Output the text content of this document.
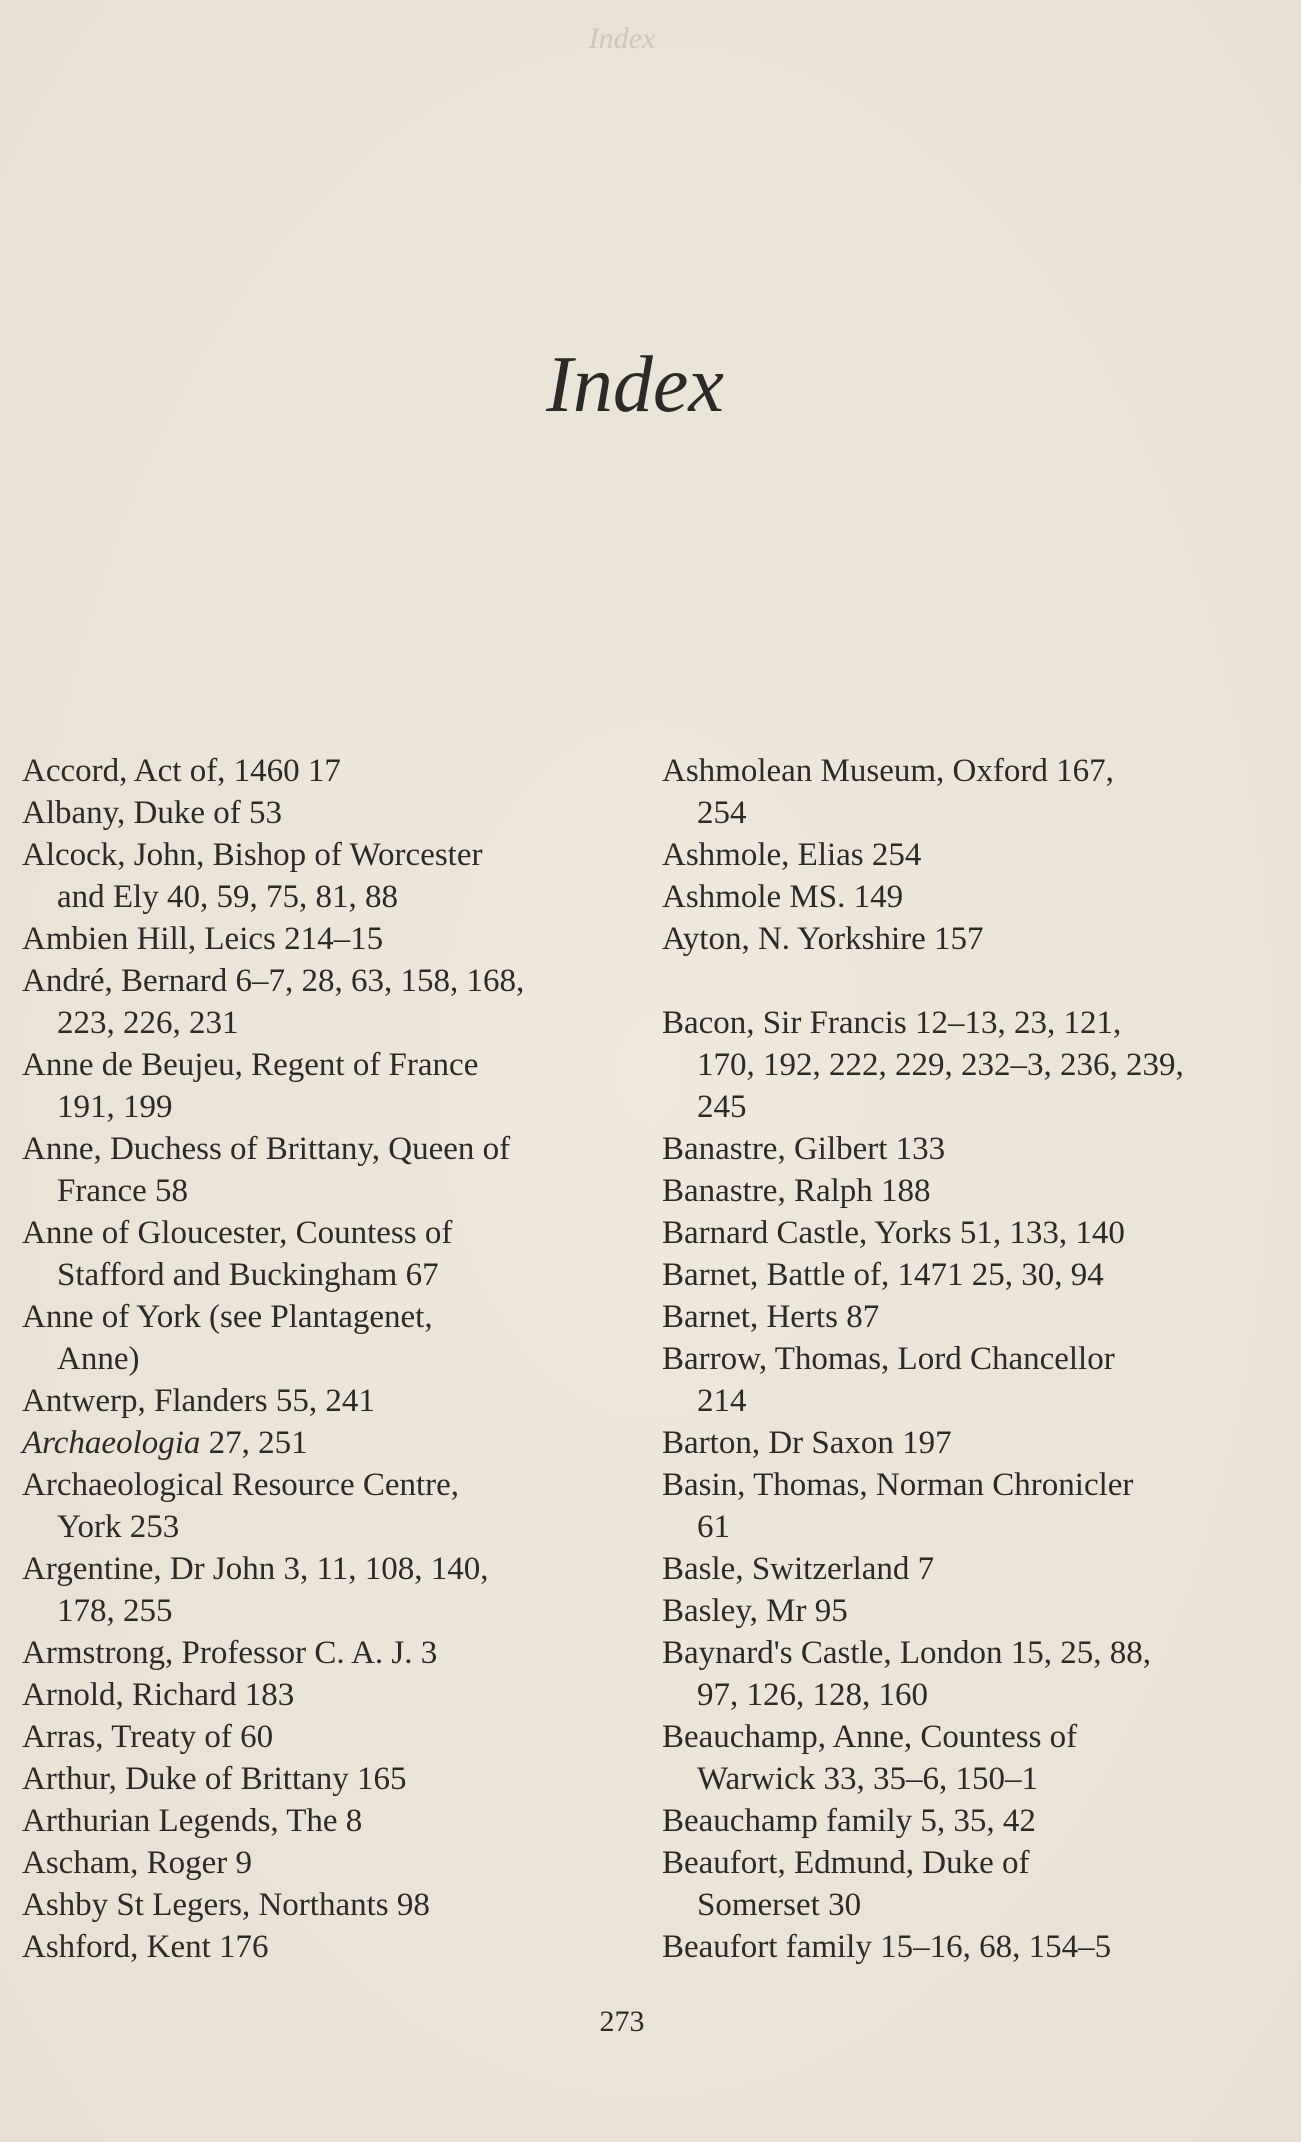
Index
Index
Accord, Act of, 1460 17
Albany, Duke of 53
Alcock, John, Bishop of Worcester
and Ely 40, 59, 75, 81, 88
Ambien Hill, Leics 214–15
André, Bernard 6–7, 28, 63, 158, 168,
223, 226, 231
Anne de Beujeu, Regent of France
191, 199
Anne, Duchess of Brittany, Queen of
France 58
Anne of Gloucester, Countess of
Stafford and Buckingham 67
Anne of York (see Plantagenet,
Anne)
Antwerp, Flanders 55, 241
Archaeologia 27, 251
Archaeological Resource Centre,
York 253
Argentine, Dr John 3, 11, 108, 140,
178, 255
Armstrong, Professor C. A. J. 3
Arnold, Richard 183
Arras, Treaty of 60
Arthur, Duke of Brittany 165
Arthurian Legends, The 8
Ascham, Roger 9
Ashby St Legers, Northants 98
Ashford, Kent 176
Ashmolean Museum, Oxford 167,
254
Ashmole, Elias 254
Ashmole MS. 149
Ayton, N. Yorkshire 157
Bacon, Sir Francis 12–13, 23, 121,
170, 192, 222, 229, 232–3, 236, 239,
245
Banastre, Gilbert 133
Banastre, Ralph 188
Barnard Castle, Yorks 51, 133, 140
Barnet, Battle of, 1471 25, 30, 94
Barnet, Herts 87
Barrow, Thomas, Lord Chancellor
214
Barton, Dr Saxon 197
Basin, Thomas, Norman Chronicler
61
Basle, Switzerland 7
Basley, Mr 95
Baynard's Castle, London 15, 25, 88,
97, 126, 128, 160
Beauchamp, Anne, Countess of
Warwick 33, 35–6, 150–1
Beauchamp family 5, 35, 42
Beaufort, Edmund, Duke of
Somerset 30
Beaufort family 15–16, 68, 154–5
273
